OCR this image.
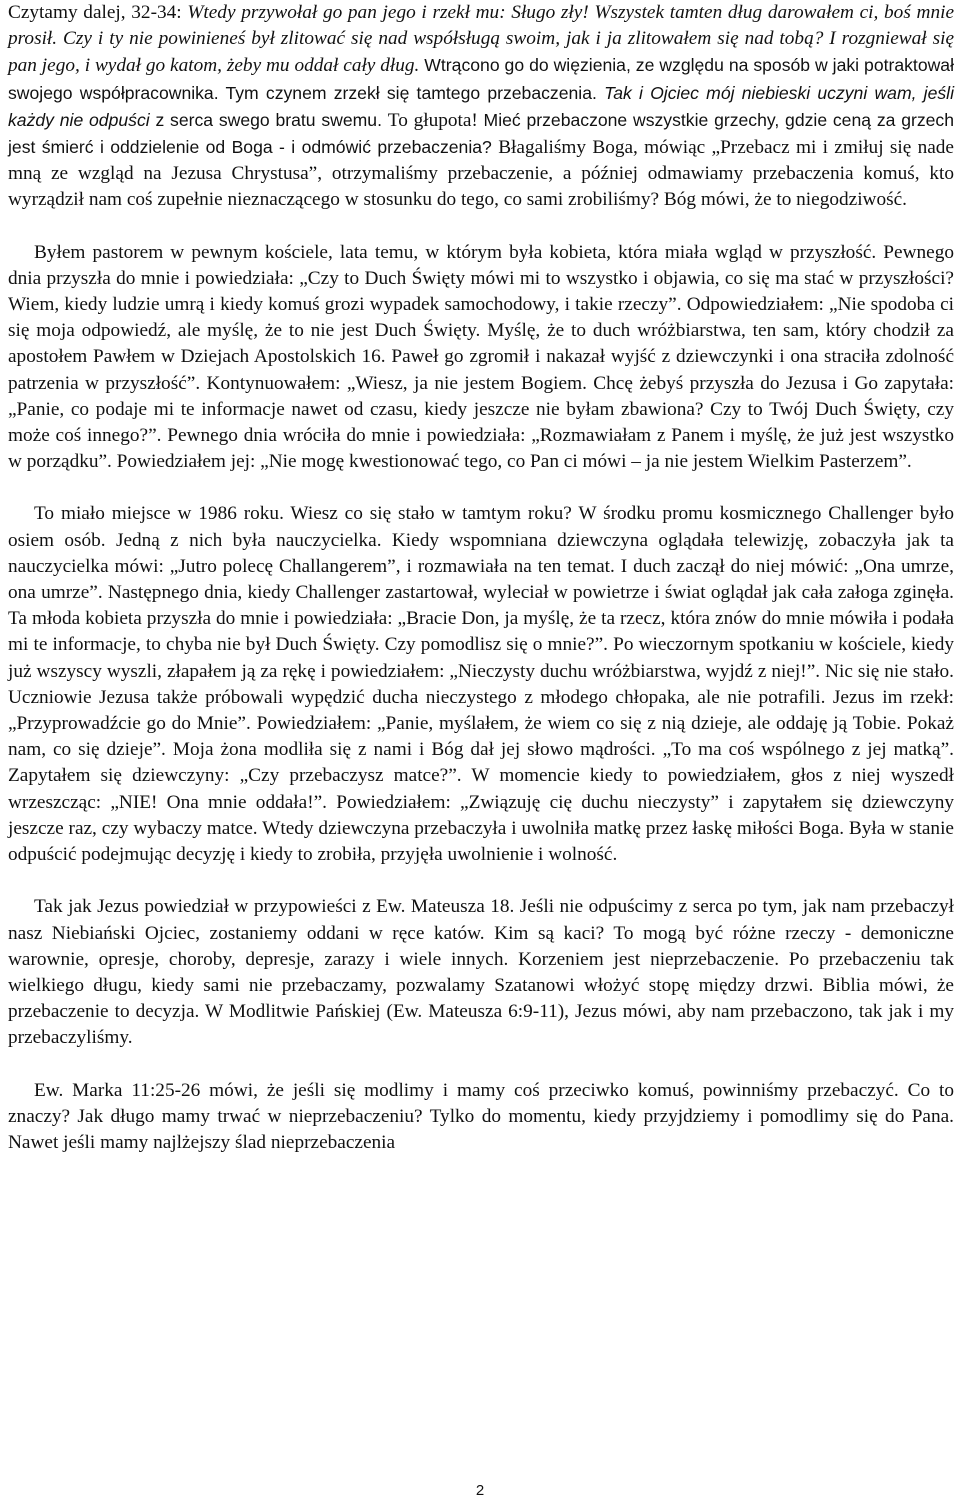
Czytamy dalej, 32-34: Wtedy przywołał go pan jego i rzekł mu: Sługo zły! Wszystek tamten dług darowałem ci, boś mnie prosił. Czy i ty nie powinieneś był zlitować się nad współsługą swoim, jak i ja zlitowałem się nad tobą? I rozgniewał się pan jego, i wydał go katom, żeby mu oddał cały dług. Wtrącono go do więzienia, ze względu na sposób w jaki potraktował swojego współpracownika. Tym czynem zrzekł się tamtego przebaczenia. Tak i Ojciec mój niebieski uczyni wam, jeśli każdy nie odpuści z serca swego bratu swemu. To głupota! Mieć przebaczone wszystkie grzechy, gdzie ceną za grzech jest śmierć i oddzielenie od Boga - i odmówić przebaczenia? Błagaliśmy Boga, mówiąc „Przebacz mi i zmiłuj się nade mną ze wzgląd na Jezusa Chrystusa”, otrzymaliśmy przebaczenie, a później odmawiamy przebaczenia komuś, kto wyrządził nam coś zupełnie nieznaczącego w stosunku do tego, co sami zrobiliśmy? Bóg mówi, że to niegodziwość.

Byłem pastorem w pewnym kościele, lata temu, w którym była kobieta, która miała wgląd w przyszłość. Pewnego dnia przyszła do mnie i powiedziała: „Czy to Duch Święty mówi mi to wszystko i objawia, co się ma stać w przyszłości? Wiem, kiedy ludzie umrą i kiedy komuś grozi wypadek samochodowy, i takie rzeczy”. Odpowiedziałem: „Nie spodoba ci się moja odpowiedź, ale myślę, że to nie jest Duch Święty. Myślę, że to duch wróżbiarstwa, ten sam, który chodził za apostołem Pawłem w Dziejach Apostolskich 16. Paweł go zgromił i nakazał wyjść z dziewczynki i ona straciła zdolność patrzenia w przyszłość”. Kontynuowałem: „Wiesz, ja nie jestem Bogiem. Chcę żebyś przyszła do Jezusa i Go zapytała: „Panie, co podaje mi te informacje nawet od czasu, kiedy jeszcze nie byłam zbawiona? Czy to Twój Duch Święty, czy może coś innego?”. Pewnego dnia wróciła do mnie i powiedziała: „Rozmawiałam z Panem i myślę, że już jest wszystko w porządku”. Powiedziałem jej: „Nie mogę kwestionować tego, co Pan ci mówi – ja nie jestem Wielkim Pasterzem”.

To miało miejsce w 1986 roku. Wiesz co się stało w tamtym roku? W środku promu kosmicznego Challenger było osiem osób. Jedną z nich była nauczycielka. Kiedy wspomniana dziewczyna oglądała telewizję, zobaczyła jak ta nauczycielka mówi: „Jutro polecę Challangerem”, i rozmawiała na ten temat. I duch zaczął do niej mówić: „Ona umrze, ona umrze”. Następnego dnia, kiedy Challenger zastartował, wyleciał w powietrze i świat oglądał jak cała załoga zginęła. Ta młoda kobieta przyszła do mnie i powiedziała: „Bracie Don, ja myślę, że ta rzecz, która znów do mnie mówiła i podała mi te informacje, to chyba nie był Duch Święty. Czy pomodlisz się o mnie?”. Po wieczornym spotkaniu w kościele, kiedy już wszyscy wyszli, złapałem ją za rękę i powiedziałem: „Nieczysty duchu wróżbiarstwa, wyjdź z niej!”. Nic się nie stało. Uczniowie Jezusa także próbowali wypędzić ducha nieczystego z młodego chłopaka, ale nie potrafili. Jezus im rzekł: „Przyprowadźcie go do Mnie”. Powiedziałem: „Panie, myślałem, że wiem co się z nią dzieje, ale oddaję ją Tobie. Pokaż nam, co się dzieje”. Moja żona modliła się z nami i Bóg dał jej słowo mądrości. „To ma coś wspólnego z jej matką”. Zapytałem się dziewczyny: „Czy przebaczysz matce?”. W momencie kiedy to powiedziałem, głos z niej wyszedł wrzeszcząc: „NIE! Ona mnie oddała!”. Powiedziałem: „Związuję cię duchu nieczysty” i zapytałem się dziewczyny jeszcze raz, czy wybaczy matce. Wtedy dziewczyna przebaczyła i uwolniła matkę przez łaskę miłości Boga. Była w stanie odpuścić podejmując decyzję i kiedy to zrobiła, przyjęła uwolnienie i wolność.

Tak jak Jezus powiedział w przypowieści z Ew. Mateusza 18. Jeśli nie odpuścimy z serca po tym, jak nam przebaczył nasz Niebiański Ojciec, zostaniemy oddani w ręce katów. Kim są kaci? To mogą być różne rzeczy - demoniczne warownie, opresje, choroby, depresje, zarazy i wiele innych. Korzeniem jest nieprzebaczenie. Po przebaczeniu tak wielkiego długu, kiedy sami nie przebaczamy, pozwalamy Szatanowi włożyć stopę między drzwi. Biblia mówi, że przebaczenie to decyzja. W Modlitwie Pańskiej (Ew. Mateusza 6:9-11), Jezus mówi, aby nam przebaczono, tak jak i my przebaczyliśmy.

Ew. Marka 11:25-26 mówi, że jeśli się modlimy i mamy coś przeciwko komuś, powinniśmy przebaczyć. Co to znaczy? Jak długo mamy trwać w nieprzebaczeniu? Tylko do momentu, kiedy przyjdziemy i pomodlimy się do Pana. Nawet jeśli mamy najlżejszy ślad nieprzebaczenia

2
